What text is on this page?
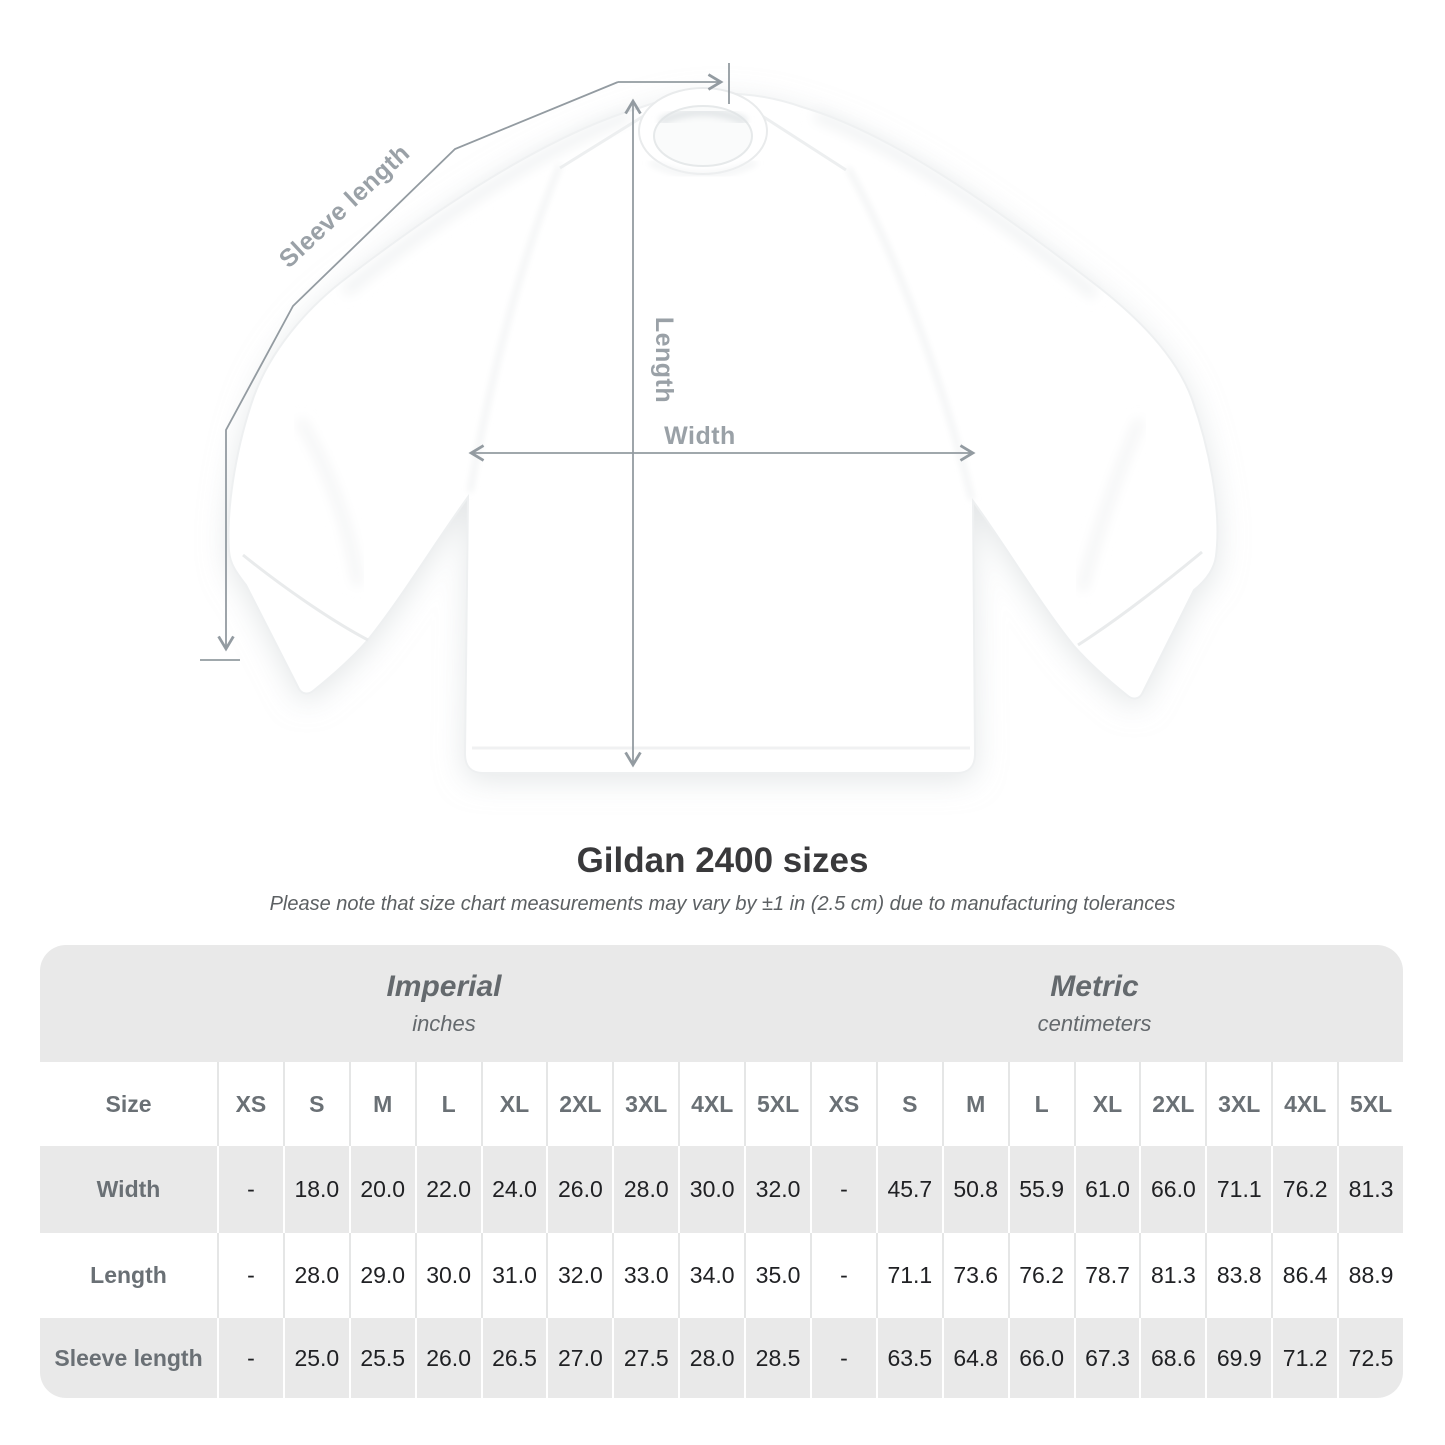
Sleeve length
Length
Width
Gildan 2400 sizes
Please note that size chart measurements may vary by ±1 in (2.5 cm) due to manufacturing tolerances
Imperial
inches
Metric
centimeters
Size	XS	S	M	L	XL	2XL	3XL	4XL	5XL	XS	S	M	L	XL	2XL	3XL	4XL	5XL
Width	-	18.0 20.0 22.0 24.0 26.0 28.0 30.0 32.0	-	45.7 50.8 55.9 61.0 66.0 71.1 76.2 81.3
Length	-	28.0 29.0 30.0 31.0 32.0 33.0 34.0 35.0	-	71.1 73.6 76.2 78.7 81.3 83.8 86.4 88.9
Sleeve length	-	25.0 25.5 26.0 26.5 27.0 27.5 28.0 28.5	-	63.5 64.8 66.0 67.3 68.6 69.9 71.2 72.5
